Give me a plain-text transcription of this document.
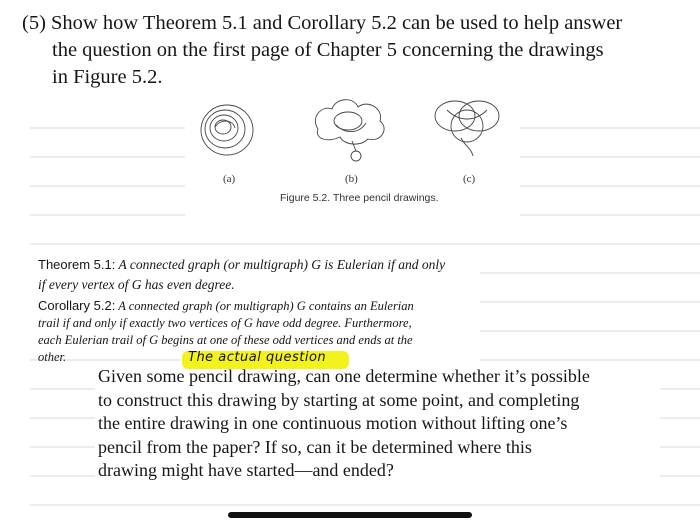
(5) Show how Theorem 5.1 and Corollary 5.2 can be used to help answer
the question on the first page of Chapter 5 concerning the drawings
in Figure 5.2.
(a)	(b)	(c)
Figure 5.2. Three pencil drawings.
Theorem 5.1: A connected graph (or multigraph) G is Eulerian if and only
if every vertex of G has even degree.
Corollary 5.2: A connected graph (or multigraph) G contains an Eulerian
trail if and only if exactly two vertices of G have odd degree. Furthermore,
each Eulerian trail of G begins at one of these odd vertices and ends at the
other.	The actual question
Given some pencil drawing, can one determine whether it’s possible
to construct this drawing by starting at some point, and completing
the entire drawing in one continuous motion without lifting one’s
pencil from the paper? If so, can it be determined where this
drawing might have started—and ended?
